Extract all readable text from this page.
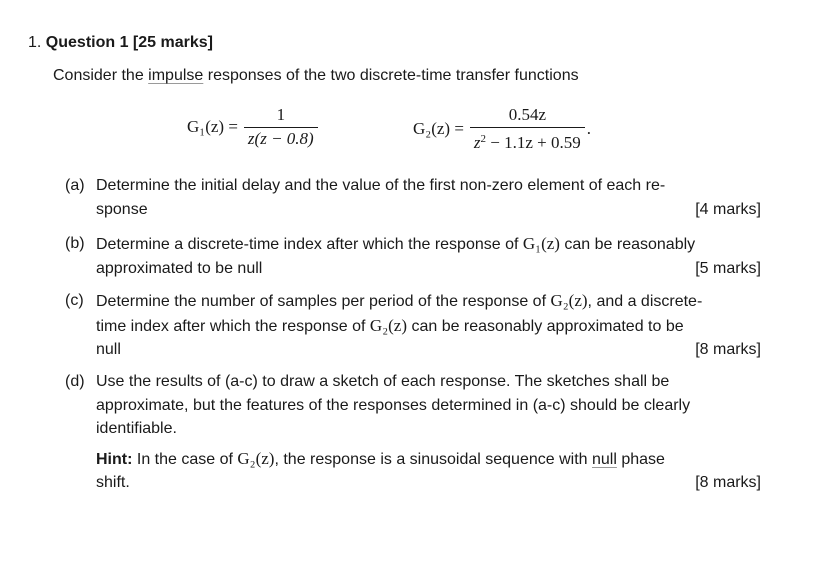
1. Question 1 [25 marks]
Consider the impulse responses of the two discrete-time transfer functions
$G_1(z) = \frac{1}{z(z - 0.8)}$	$G_2(z) = \frac{0.54z}{z^2 - 1.1z + 0.59}$ .
(a) Determine the initial delay and the value of the first non-zero element of each re-
sponse	[4 marks]
(b) Determine a discrete-time index after which the response of G₁(z) can be reasonably
approximated to be null	[5 marks]
(c) Determine the number of samples per period of the response of G₂(z), and a discrete-
time index after which the response of G₂(z) can be reasonably approximated to be
null	[8 marks]
(d) Use the results of (a-c) to draw a sketch of each response. The sketches shall be
approximate, but the features of the responses determined in (a-c) should be clearly
identifiable.
Hint: In the case of G₂(z), the response is a sinusoidal sequence with null phase
shift.	[8 marks]
